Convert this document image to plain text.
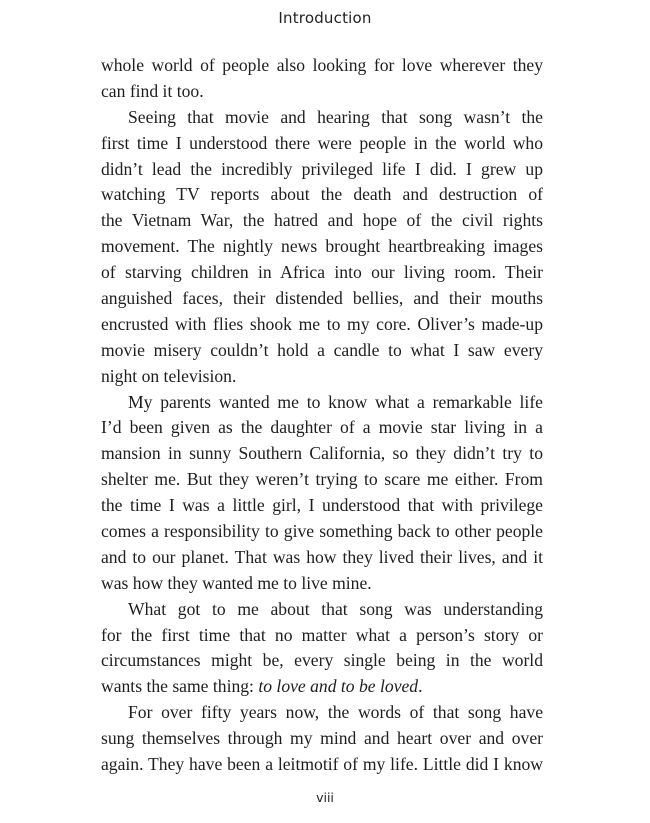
Introduction
whole world of people also looking for love wherever they
can find it too.
Seeing that movie and hearing that song wasn’t the
first time I understood there were people in the world who
didn’t lead the incredibly privileged life I did. I grew up
watching TV reports about the death and destruction of
the Vietnam War, the hatred and hope of the civil rights
movement. The nightly news brought heartbreaking images
of starving children in Africa into our living room. Their
anguished faces, their distended bellies, and their mouths
encrusted with flies shook me to my core. Oliver’s made-up
movie misery couldn’t hold a candle to what I saw every
night on television.
My parents wanted me to know what a remarkable life
I’d been given as the daughter of a movie star living in a
mansion in sunny Southern California, so they didn’t try to
shelter me. But they weren’t trying to scare me either. From
the time I was a little girl, I understood that with privilege
comes a responsibility to give something back to other people
and to our planet. That was how they lived their lives, and it
was how they wanted me to live mine.
What got to me about that song was understanding
for the first time that no matter what a person’s story or
circumstances might be, every single being in the world
wants the same thing: to love and to be loved.
For over fifty years now, the words of that song have
sung themselves through my mind and heart over and over
again. They have been a leitmotif of my life. Little did I know
viii
